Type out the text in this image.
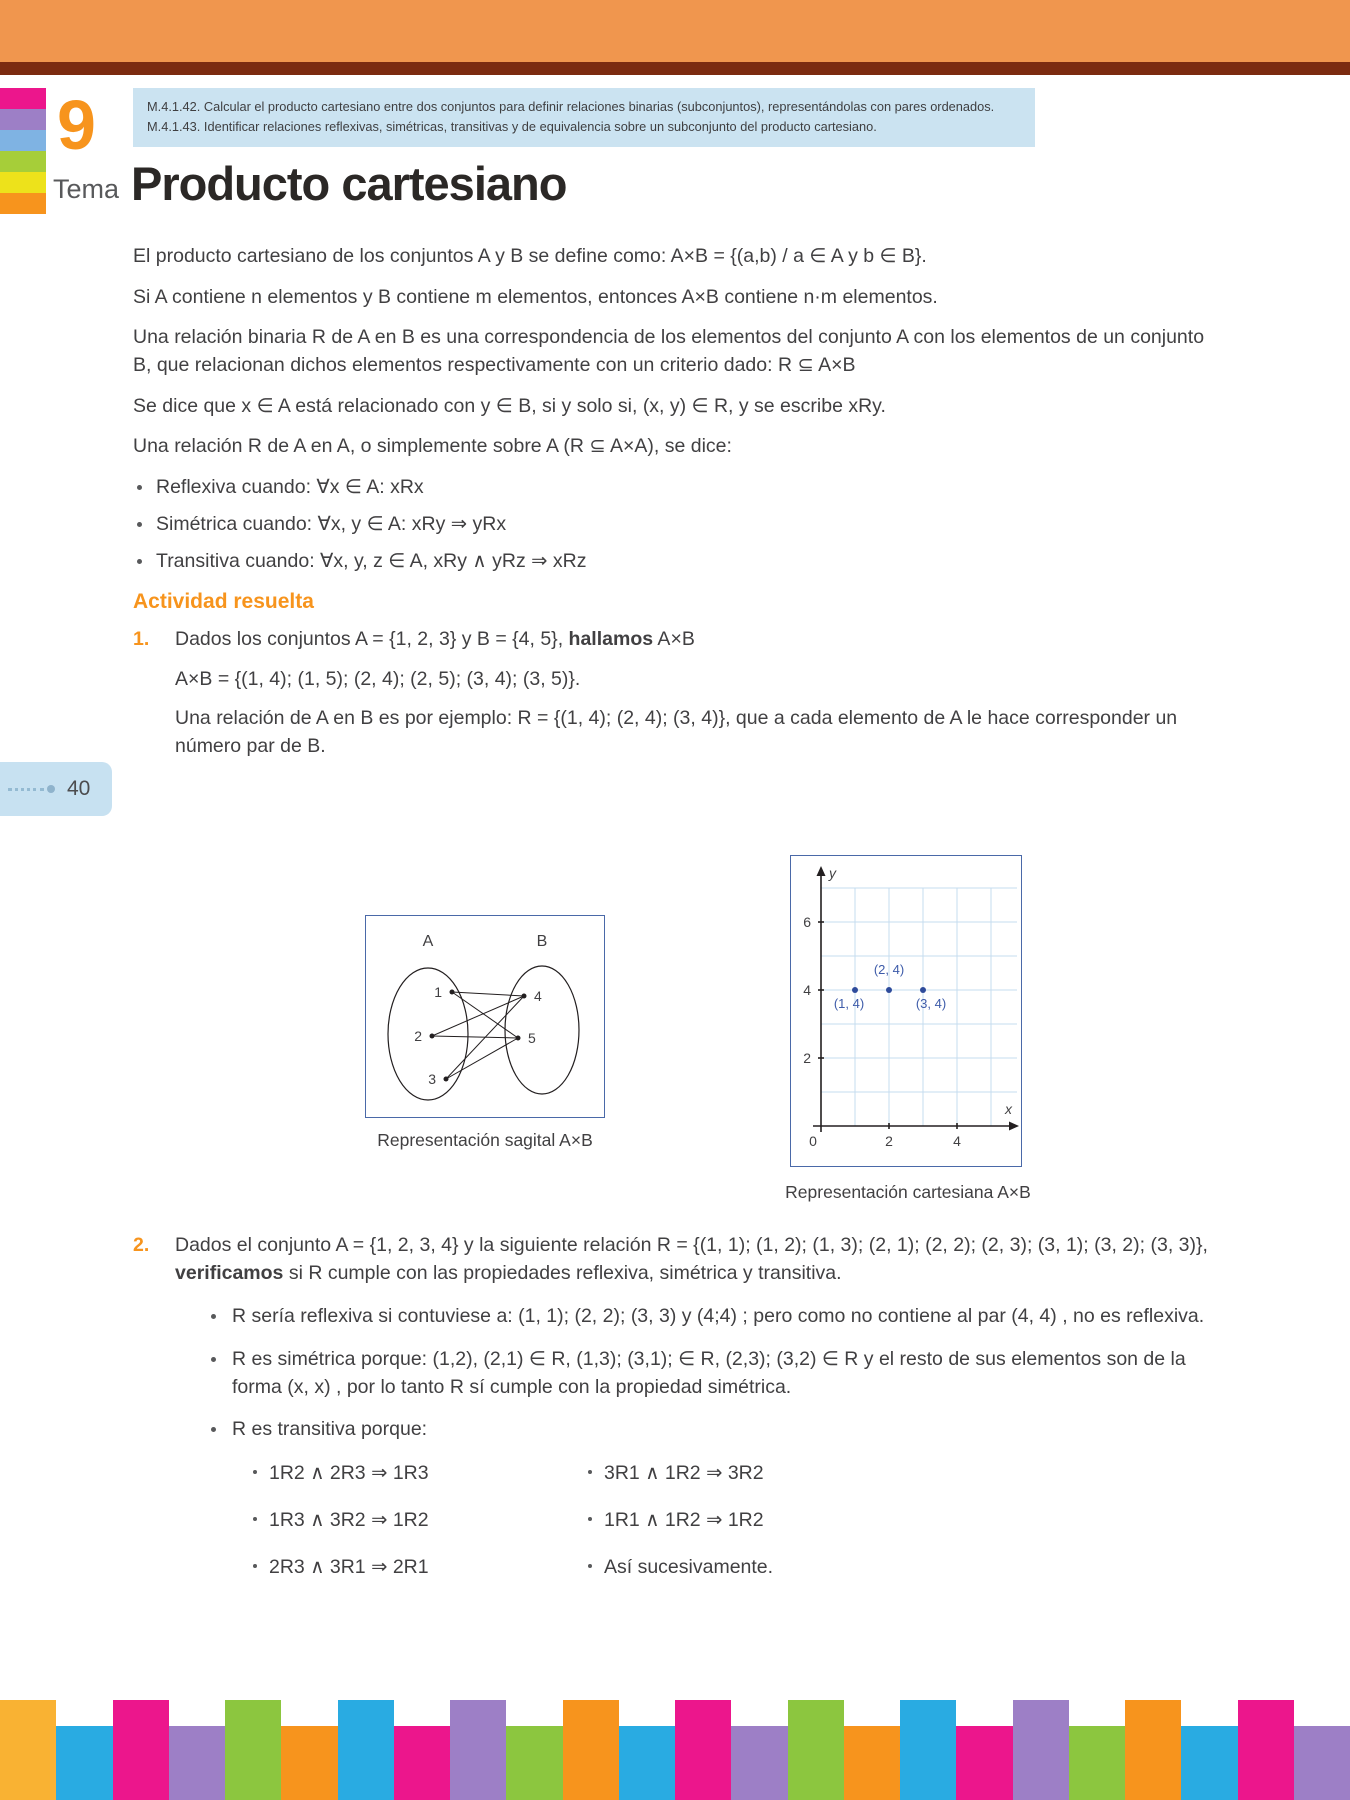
9
Tema
M.4.1.42. Calcular el producto cartesiano entre dos conjuntos para definir relaciones binarias (subconjuntos), representándolas con pares ordenados.
M.4.1.43. Identificar relaciones reflexivas, simétricas, transitivas y de equivalencia sobre un subconjunto del producto cartesiano.
Producto cartesiano

El producto cartesiano de los conjuntos A y B se define como: A×B = {(a,b) / a ∈ A y b ∈ B}.

Si A contiene n elementos y B contiene m elementos, entonces A×B contiene n·m elementos.

Una relación binaria R de A en B es una correspondencia de los elementos del conjunto A con los elementos de un conjunto B, que relacionan dichos elementos respectivamente con un criterio dado: R ⊆ A×B

Se dice que x ∈ A está relacionado con y ∈ B, si y solo si, (x, y) ∈ R, y se escribe xRy.

Una relación R de A en A, o simplemente sobre A (R ⊆ A×A), se dice:

Reflexiva cuando: ∀x ∈ A: xRx
Simétrica cuando: ∀x, y ∈ A: xRy ⇒ yRx
Transitiva cuando: ∀x, y, z ∈ A, xRy ∧ yRz ⇒ xRz
Actividad resuelta
1.	Dados los conjuntos A = {1, 2, 3} y B = {4, 5}, hallamos A×B

A×B = {(1, 4); (1, 5); (2, 4); (2, 5); (3, 4); (3, 5)}.

Una relación de A en B es por ejemplo: R = {(1, 4); (2, 4); (3, 4)}, que a cada elemento de A le hace corresponder un número par de B.

40
A	B
1
2
3
4
5
Representación sagital A×B
y
x
6
4
2
0	2	4
(2, 4)
(1, 4)	(3, 4)
Representación cartesiana A×B
2.	Dados el conjunto A = {1, 2, 3, 4} y la siguiente relación R = {(1, 1); (1, 2); (1, 3); (2, 1); (2, 2); (2, 3); (3, 1); (3, 2); (3, 3)}, verificamos si R cumple con las propiedades reflexiva, simétrica y transitiva.

R sería reflexiva si contuviese a: (1, 1); (2, 2); (3, 3) y (4;4) ; pero como no contiene al par (4, 4) , no es reflexiva.
R es simétrica porque: (1,2), (2,1) ∈ R, (1,3); (3,1); ∈ R, (2,3); (3,2) ∈ R y el resto de sus elementos son de la forma (x, x) , por lo tanto R sí cumple con la propiedad simétrica.
R es transitiva porque:
1R2 ∧ 2R3 ⇒ 1R3
1R3 ∧ 3R2 ⇒ 1R2
2R3 ∧ 3R1 ⇒ 2R1
3R1 ∧ 1R2 ⇒ 3R2
1R1 ∧ 1R2 ⇒ 1R2
Así sucesivamente.
